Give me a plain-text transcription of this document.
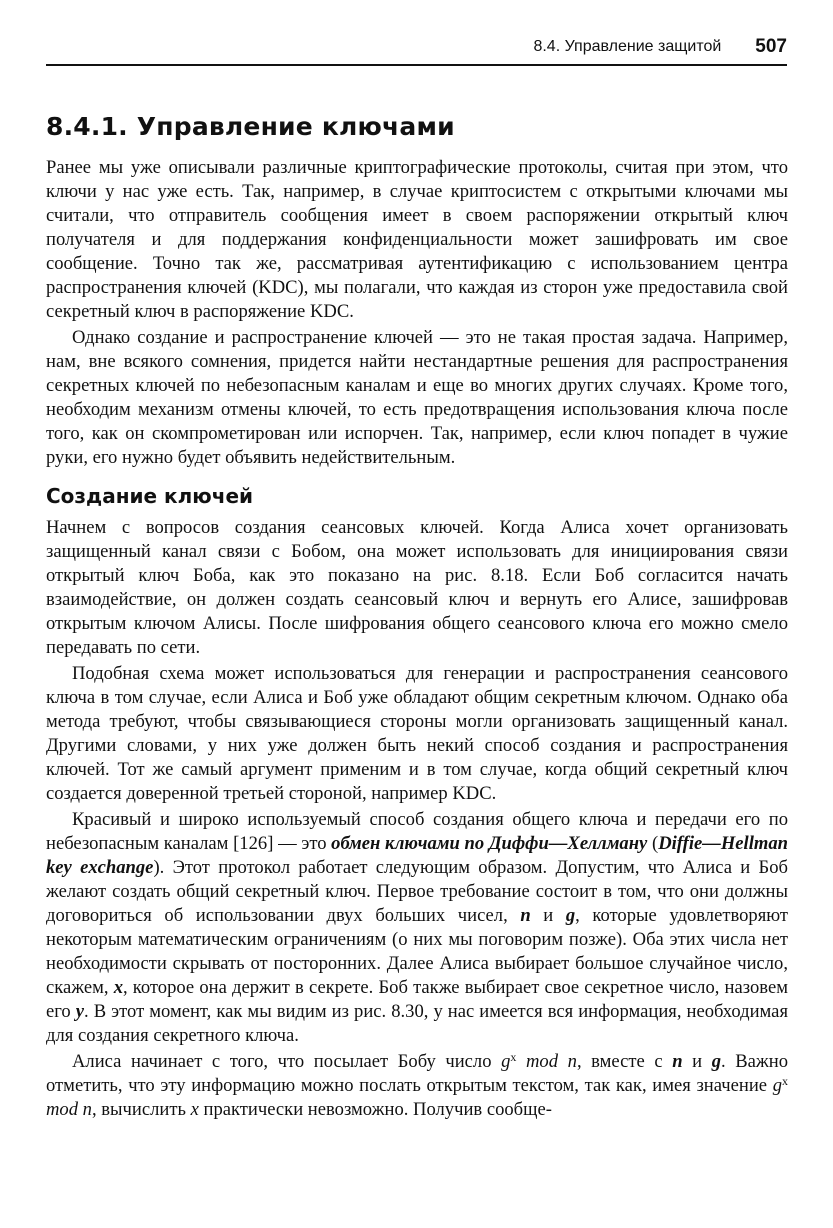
8.4. Управление защитой 507
8.4.1. Управление ключами

Ранее мы уже описывали различные криптографические протоколы, считая при этом, что ключи у нас уже есть. Так, например, в случае криптосистем с открытыми ключами мы считали, что отправитель сообщения имеет в своем распоряжении открытый ключ получателя и для поддержания конфиденциальности может зашифровать им свое сообщение. Точно так же, рассматривая аутентификацию с использованием центра распространения ключей (KDC), мы полагали, что каждая из сторон уже предоставила свой секретный ключ в распоряжение KDC.

Однако создание и распространение ключей — это не такая простая задача. Например, нам, вне всякого сомнения, придется найти нестандартные решения для распространения секретных ключей по небезопасным каналам и еще во многих других случаях. Кроме того, необходим механизм отмены ключей, то есть предотвращения использования ключа после того, как он скомпрометирован или испорчен. Так, например, если ключ попадет в чужие руки, его нужно будет объявить недействительным.

Создание ключей

Начнем с вопросов создания сеансовых ключей. Когда Алиса хочет организовать защищенный канал связи с Бобом, она может использовать для инициирования связи открытый ключ Боба, как это показано на рис. 8.18. Если Боб согласится начать взаимодействие, он должен создать сеансовый ключ и вернуть его Алисе, зашифровав открытым ключом Алисы. После шифрования общего сеансового ключа его можно смело передавать по сети.

Подобная схема может использоваться для генерации и распространения сеансового ключа в том случае, если Алиса и Боб уже обладают общим секретным ключом. Однако оба метода требуют, чтобы связывающиеся стороны могли организовать защищенный канал. Другими словами, у них уже должен быть некий способ создания и распространения ключей. Тот же самый аргумент применим и в том случае, когда общий секретный ключ создается доверенной третьей стороной, например KDC.

Красивый и широко используемый способ создания общего ключа и передачи его по небезопасным каналам [126] — это обмен ключами по Диффи—Хеллману (Diffie—Hellman key exchange). Этот протокол работает следующим образом. Допустим, что Алиса и Боб желают создать общий секретный ключ. Первое требование состоит в том, что они должны договориться об использовании двух больших чисел, n и g, которые удовлетворяют некоторым математическим ограничениям (о них мы поговорим позже). Оба этих числа нет необходимости скрывать от посторонних. Далее Алиса выбирает большое случайное число, скажем, x, которое она держит в секрете. Боб также выбирает свое секретное число, назовем его y. В этот момент, как мы видим из рис. 8.30, у нас имеется вся информация, необходимая для создания секретного ключа.

Алиса начинает с того, что посылает Бобу число $g^x$ mod n, вместе с n и g. Важно отметить, что эту информацию можно послать открытым текстом, так как, имея значение $g^x$ mod n, вычислить x практически невозможно. Получив сообще-
